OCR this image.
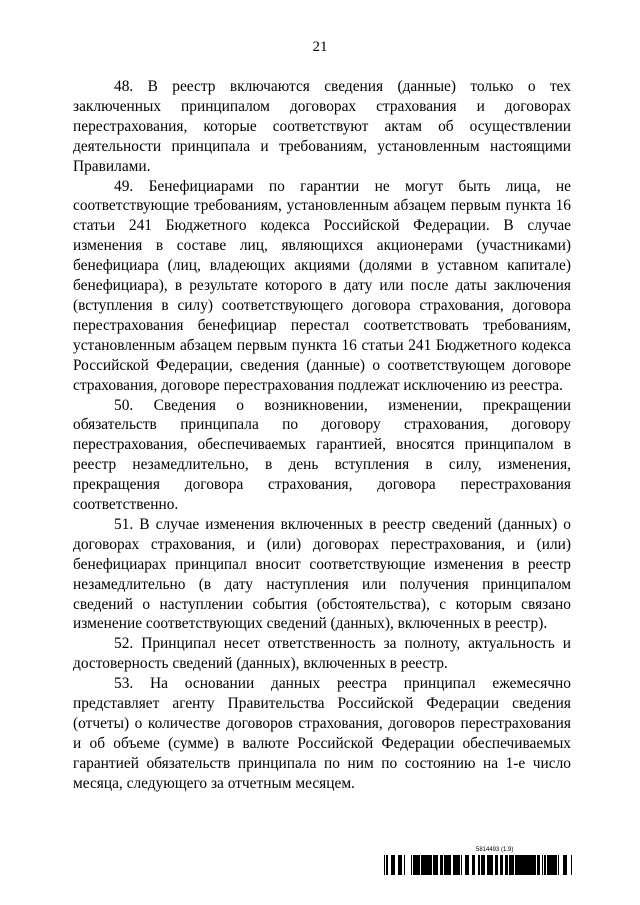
21

48. В реестр включаются сведения (данные) только о тех заключенных принципалом договорах страхования и договорах перестрахования, которые соответствуют актам об осуществлении деятельности принципала и требованиям, установленным настоящими Правилами.

49. Бенефициарами по гарантии не могут быть лица, не соответствующие требованиям, установленным абзацем первым пункта 16 статьи 241 Бюджетного кодекса Российской Федерации. В случае изменения в составе лиц, являющихся акционерами (участниками) бенефициара (лиц, владеющих акциями (долями в уставном капитале) бенефициара), в результате которого в дату или после даты заключения (вступления в силу) соответствующего договора страхования, договора перестрахования бенефициар перестал соответствовать требованиям, установленным абзацем первым пункта 16 статьи 241 Бюджетного кодекса Российской Федерации, сведения (данные) о соответствующем договоре страхования, договоре перестрахования подлежат исключению из реестра.

50. Сведения о возникновении, изменении, прекращении обязательств принципала по договору страхования, договору перестрахования, обеспечиваемых гарантией, вносятся принципалом в реестр незамедлительно, в день вступления в силу, изменения, прекращения договора страхования, договора перестрахования соответственно.

51. В случае изменения включенных в реестр сведений (данных) о договорах страхования, и (или) договорах перестрахования, и (или) бенефициарах принципал вносит соответствующие изменения в реестр незамедлительно (в дату наступления или получения принципалом сведений о наступлении события (обстоятельства), с которым связано изменение соответствующих сведений (данных), включенных в реестр).

52. Принципал несет ответственность за полноту, актуальность и достоверность сведений (данных), включенных в реестр.

53. На основании данных реестра принципал ежемесячно представляет агенту Правительства Российской Федерации сведения (отчеты) о количестве договоров страхования, договоров перестрахования и об объеме (сумме) в валюте Российской Федерации обеспечиваемых гарантией обязательств принципала по ним по состоянию на 1-е число месяца, следующего за отчетным месяцем.

5814493 (1.9)
